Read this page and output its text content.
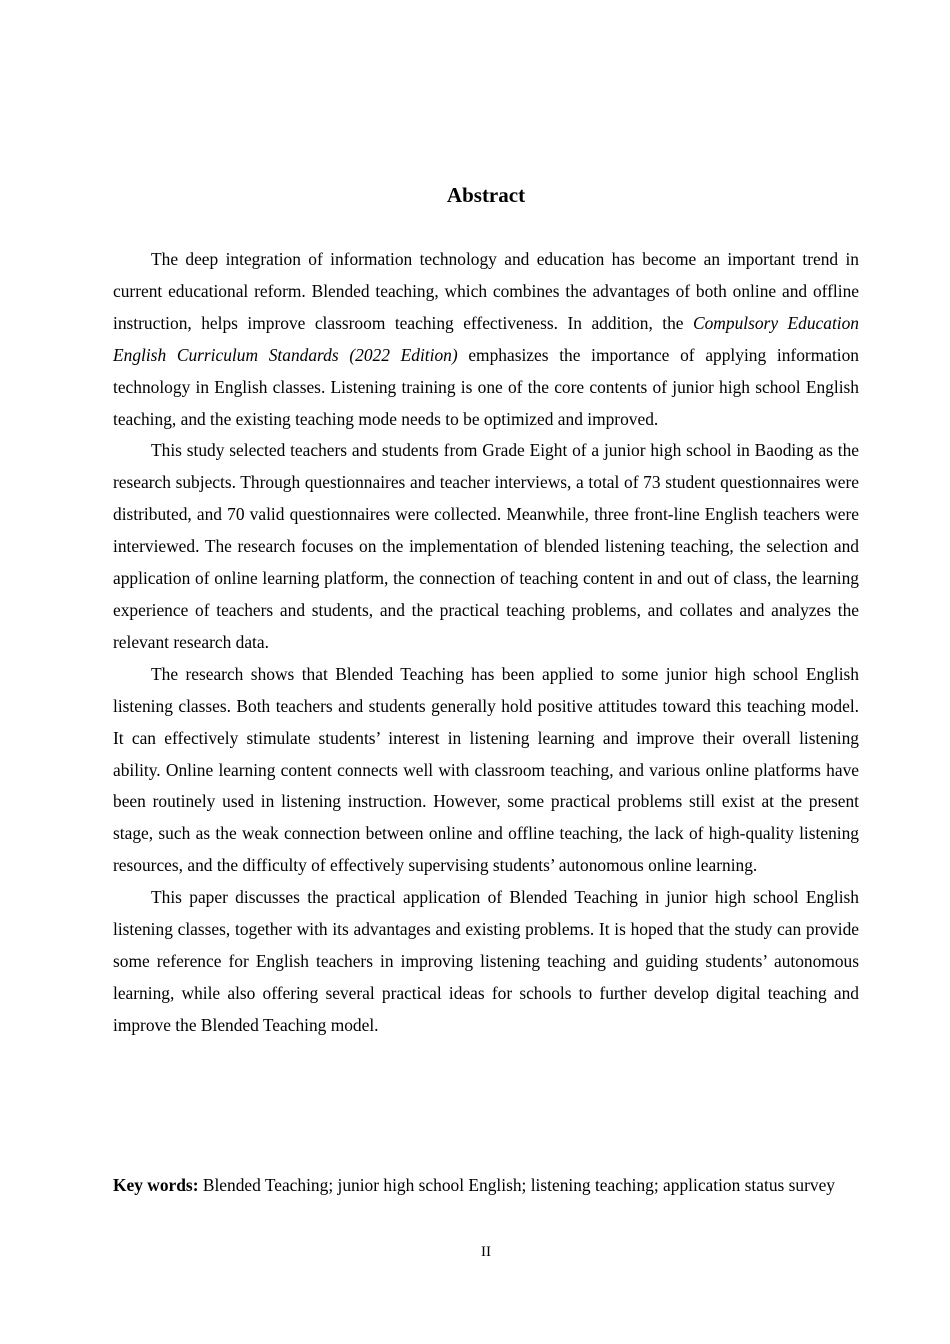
Abstract

The deep integration of information technology and education has become an important trend in current educational reform. Blended teaching, which combines the advantages of both online and offline instruction, helps improve classroom teaching effectiveness. In addition, the Compulsory Education English Curriculum Standards (2022 Edition) emphasizes the importance of applying information technology in English classes. Listening training is one of the core contents of junior high school English teaching, and the existing teaching mode needs to be optimized and improved.

This study selected teachers and students from Grade Eight of a junior high school in Baoding as the research subjects. Through questionnaires and teacher interviews, a total of 73 student questionnaires were distributed, and 70 valid questionnaires were collected. Meanwhile, three front-line English teachers were interviewed. The research focuses on the implementation of blended listening teaching, the selection and application of online learning platform, the connection of teaching content in and out of class, the learning experience of teachers and students, and the practical teaching problems, and collates and analyzes the relevant research data.

The research shows that Blended Teaching has been applied to some junior high school English listening classes. Both teachers and students generally hold positive attitudes toward this teaching model. It can effectively stimulate students’ interest in listening learning and improve their overall listening ability. Online learning content connects well with classroom teaching, and various online platforms have been routinely used in listening instruction. However, some practical problems still exist at the present stage, such as the weak connection between online and offline teaching, the lack of high-quality listening resources, and the difficulty of effectively supervising students’ autonomous online learning.

This paper discusses the practical application of Blended Teaching in junior high school English listening classes, together with its advantages and existing problems. It is hoped that the study can provide some reference for English teachers in improving listening teaching and guiding students’ autonomous learning, while also offering several practical ideas for schools to further develop digital teaching and improve the Blended Teaching model.

Key words: Blended Teaching; junior high school English; listening teaching; application status survey

II
